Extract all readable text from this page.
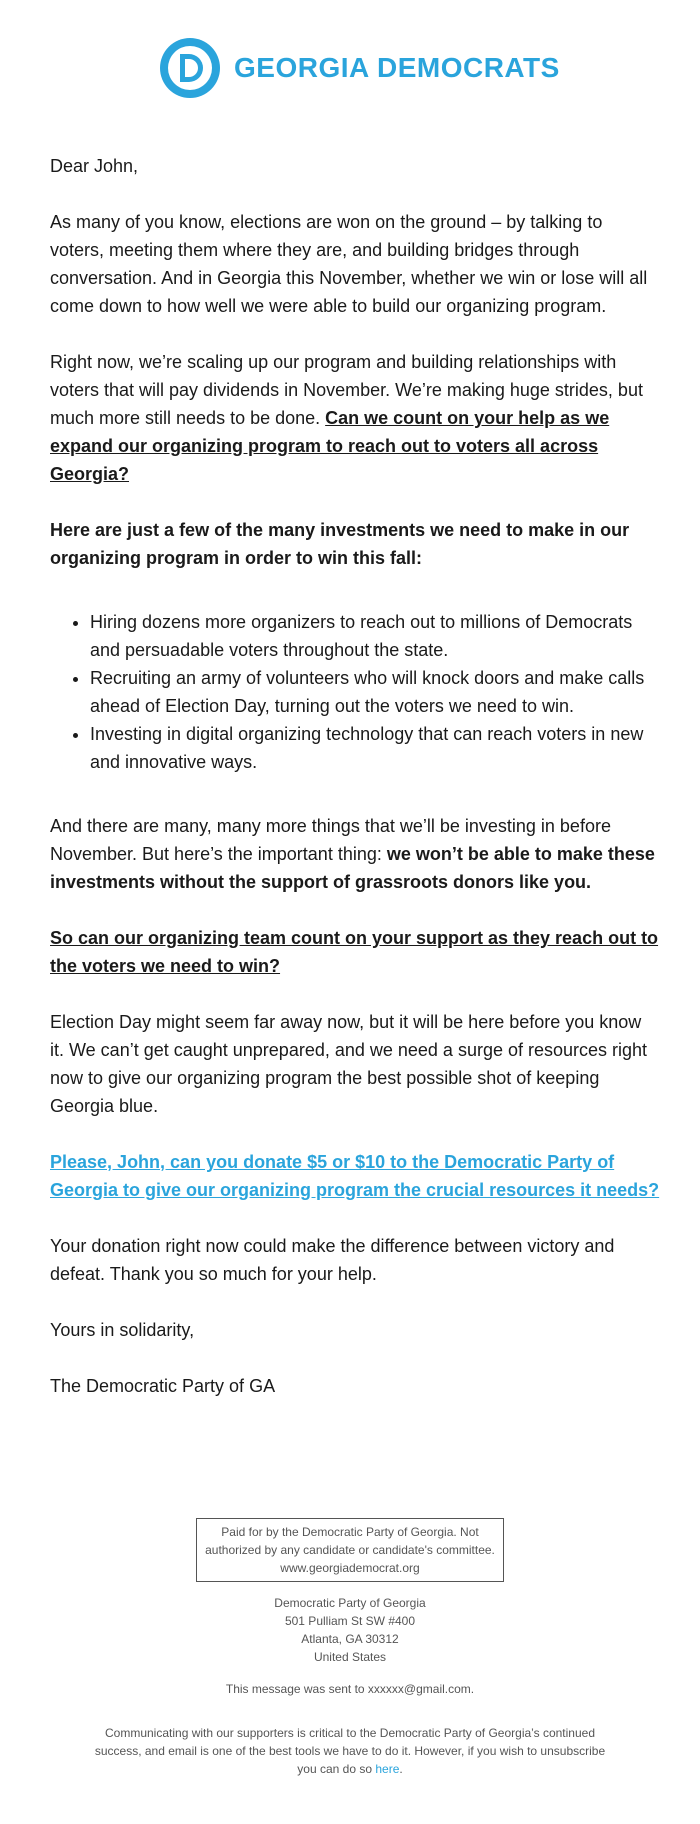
GEORGIA DEMOCRATS

Dear John,

As many of you know, elections are won on the ground – by talking to voters, meeting them where they are, and building bridges through conversation. And in Georgia this November, whether we win or lose will all come down to how well we were able to build our organizing program.

Right now, we’re scaling up our program and building relationships with voters that will pay dividends in November. We’re making huge strides, but much more still needs to be done. Can we count on your help as we expand our organizing program to reach out to voters all across Georgia?

Here are just a few of the many investments we need to make in our organizing program in order to win this fall:

• Hiring dozens more organizers to reach out to millions of Democrats and persuadable voters throughout the state.
• Recruiting an army of volunteers who will knock doors and make calls ahead of Election Day, turning out the voters we need to win.
• Investing in digital organizing technology that can reach voters in new and innovative ways.

And there are many, many more things that we’ll be investing in before November. But here’s the important thing: we won’t be able to make these investments without the support of grassroots donors like you.

So can our organizing team count on your support as they reach out to the voters we need to win?

Election Day might seem far away now, but it will be here before you know it. We can’t get caught unprepared, and we need a surge of resources right now to give our organizing program the best possible shot of keeping Georgia blue.

Please, John, can you donate $5 or $10 to the Democratic Party of Georgia to give our organizing program the crucial resources it needs?

Your donation right now could make the difference between victory and defeat. Thank you so much for your help.

Yours in solidarity,

The Democratic Party of GA

Paid for by the Democratic Party of Georgia. Not authorized by any candidate or candidate's committee.
www.georgiademocrat.org
Democratic Party of Georgia
501 Pulliam St SW #400
Atlanta, GA 30312
United States
This message was sent to xxxxxx@gmail.com.
Communicating with our supporters is critical to the Democratic Party of Georgia’s continued success, and email is one of the best tools we have to do it. However, if you wish to unsubscribe you can do so here.
